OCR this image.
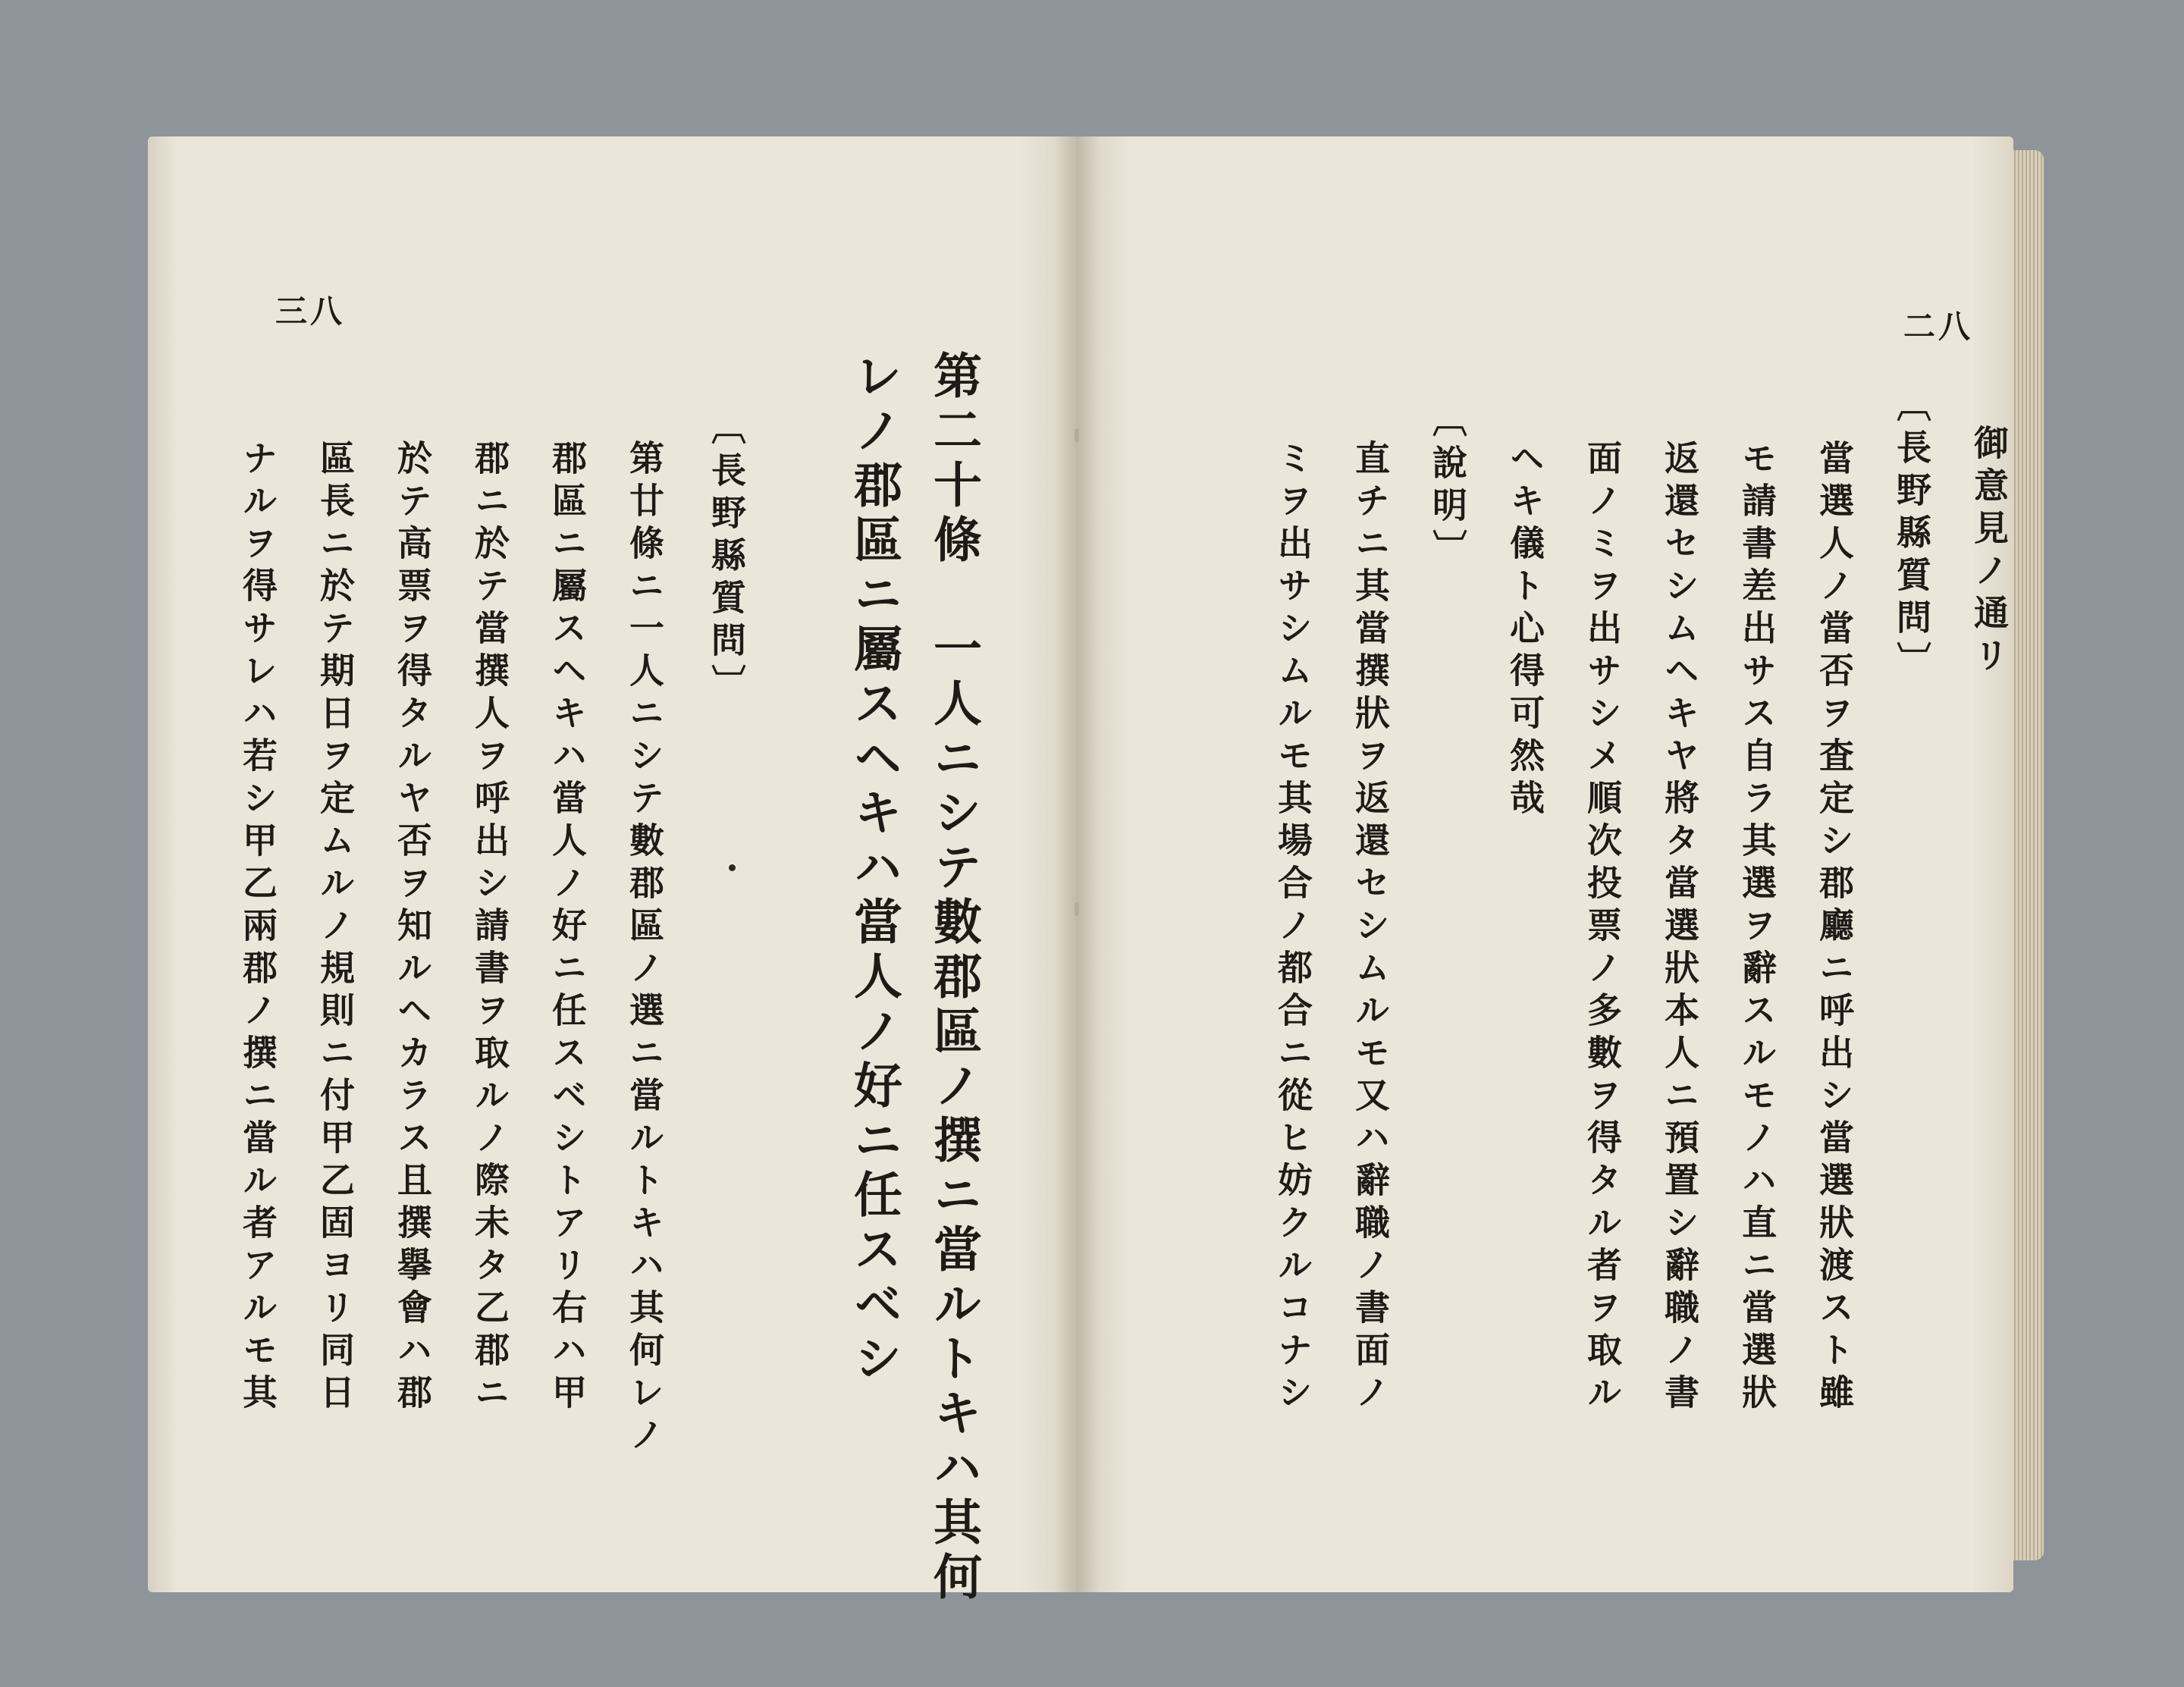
三八
第二十條　一人ニシテ數郡區ノ撰ニ當ルトキハ其何
レノ郡區ニ屬スヘキハ當人ノ好ニ任スベシ
〔長野縣質問〕
第廿條ニ一人ニシテ數郡區ノ選ニ當ルトキハ其何レノ
郡區ニ屬スヘキハ當人ノ好ニ任スベシトアリ右ハ甲
郡ニ於テ當撰人ヲ呼出シ請書ヲ取ルノ際未タ乙郡ニ
於テ高票ヲ得タルヤ否ヲ知ルヘカラス且撰擧會ハ郡
區長ニ於テ期日ヲ定ムルノ規則ニ付甲乙固ヨリ同日
ナルヲ得サレハ若シ甲乙兩郡ノ撰ニ當ル者アルモ其
二八
御意見ノ通リ
〔長野縣質問〕
當選人ノ當否ヲ査定シ郡廳ニ呼出シ當選狀渡スト雖
モ請書差出サス自ラ其選ヲ辭スルモノハ直ニ當選狀
返還セシムヘキヤ將タ當選狀本人ニ預置シ辭職ノ書
面ノミヲ出サシメ順次投票ノ多數ヲ得タル者ヲ取ル
ヘキ儀ト心得可然哉
〔說明〕
直チニ其當撰狀ヲ返還セシムルモ又ハ辭職ノ書面ノ
ミヲ出サシムルモ其場合ノ都合ニ從ヒ妨クルコナシ
